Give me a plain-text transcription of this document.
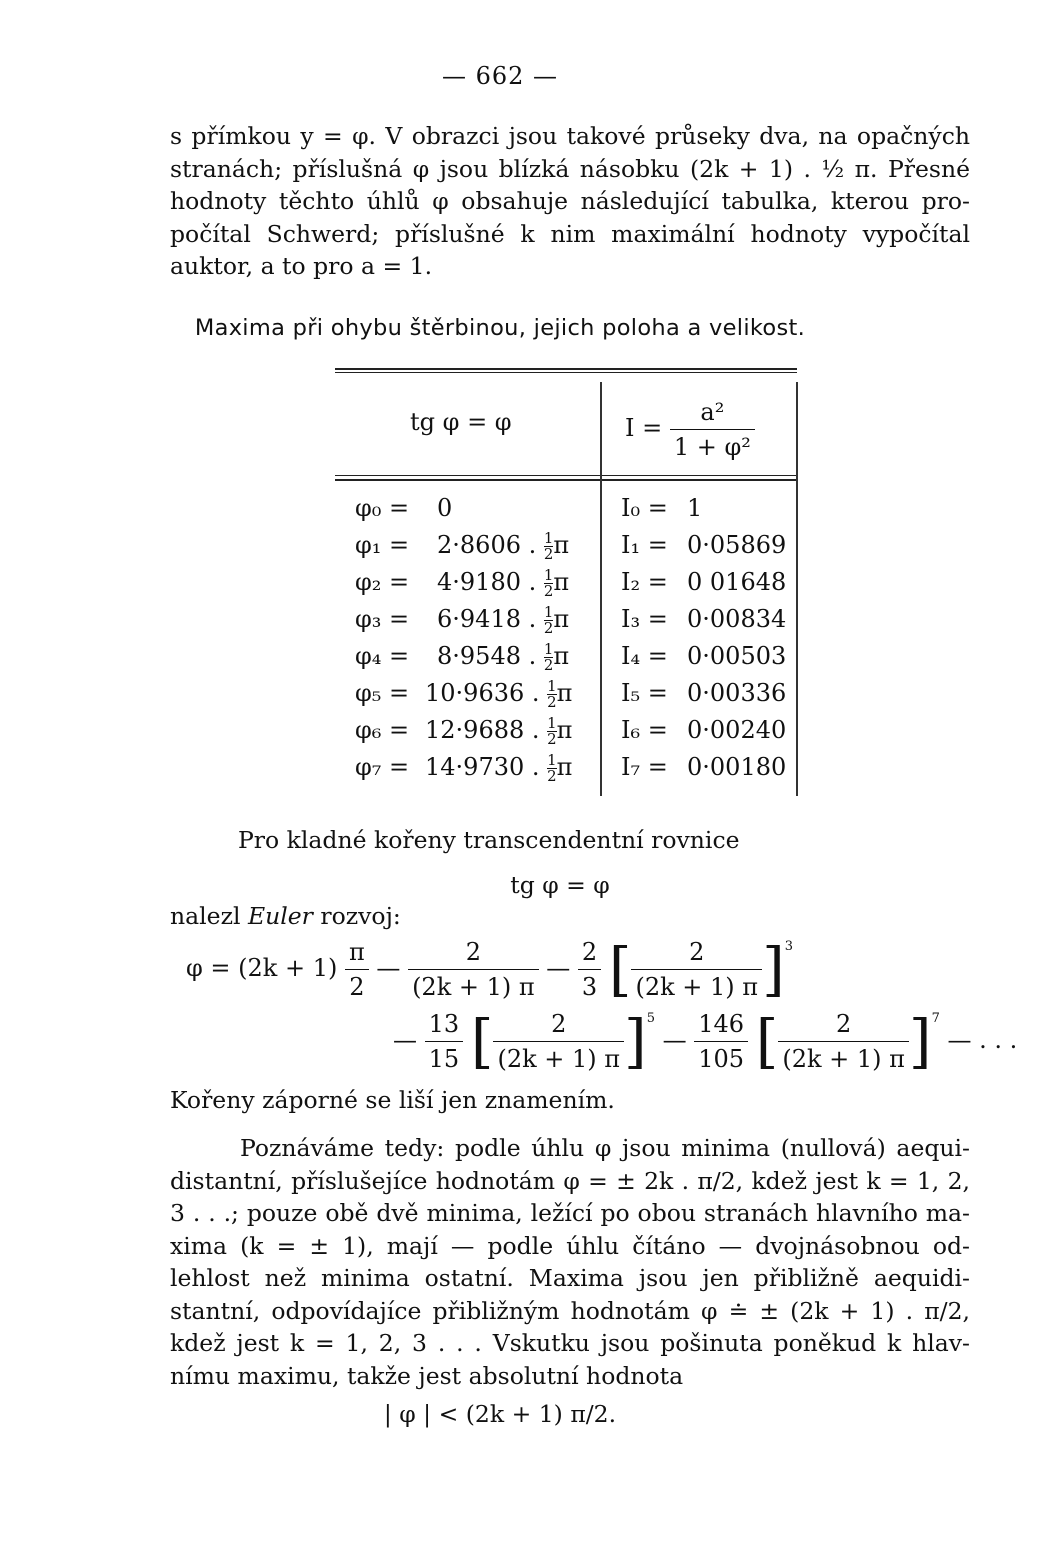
— 662 —

s přímkou y = φ. V obrazci jsou takové průseky dva, na opačných
stranách; příslušná φ jsou blízká násobku (2k + 1) . ½ π. Přesné
hodnoty těchto úhlů φ obsahuje následující tabulka, kterou pro-
počítal Schwerd; příslušné k nim maximální hodnoty vypočítal
auktor, a to pro a = 1.

Maxima při ohybu štěrbinou, jejich poloha a velikost.
tg φ = φ	$I = \frac{\text{a²}}{\text{1 + φ²}}$
φ₀ = 0	I₀ = 1
φ₁ = 2·8606 . $\frac{1}{2}$ π I₁ = 0·05869
φ₂ = 4·9180 . $\frac{1}{2}$ π I₂ = 0 01648
φ₃ = 6·9418 . $\frac{1}{2}$ π I₃ = 0·00834
φ₄ = 8·9548 . $\frac{1}{2}$ π I₄ = 0·00503
φ₅ = 10·9636 . $\frac{1}{2}$ π I₅ = 0·00336
φ₆ = 12·9688 . $\frac{1}{2}$ π I₆ = 0·00240
φ₇ = 14·9730 . $\frac{1}{2}$ π I₇ = 0·00180
Pro kladné kořeny transcendentní rovnice
tg φ = φ
nalezl Euler rozvoj:
$\varphi = (2k + 1) \frac{\pi}{2}$ — $\frac{2}{(2k + 1) \pi}$ — $\frac{2}{3}$ [ $\frac{2}{(2k + 1) \pi} ]^3$
— $\frac{13}{15}$ [ $\frac{2}{(2k + 1) \pi} ]^5$ — $\frac{146}{105}$ [ $\frac{2}{(2k + 1) \pi} ]^7$ — . . .
Kořeny záporné se liší jen znamením.

Poznáváme tedy: podle úhlu φ jsou minima (nullová) aequi-
distantní, příslušejíce hodnotám φ = ± 2k . π/2, kdež jest k = 1, 2,
3 . . .; pouze obě dvě minima, ležící po obou stranách hlavního ma-
xima (k = ± 1), mají — podle úhlu čítáno — dvojnásobnou od-
lehlost než minima ostatní. Maxima jsou jen přibližně aequidi-
stantní, odpovídajíce přibližným hodnotám φ ≐ ± (2k + 1) . π/2,
kdež jest k = 1, 2, 3 . . . Vskutku jsou pošinuta poněkud k hlav-
nímu maximu, takže jest absolutní hodnota

| φ | < (2k + 1) π/2.
